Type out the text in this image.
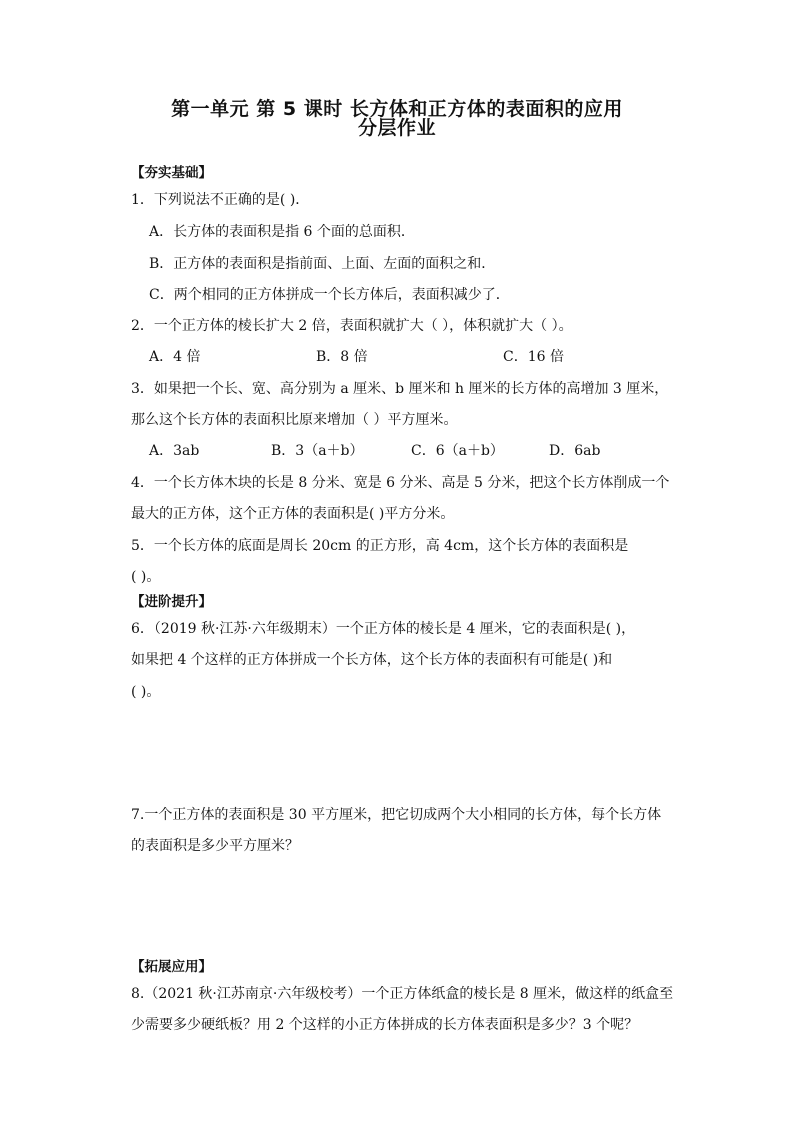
第一单元 第 5 课时 长方体和正方体的表面积的应用
分层作业
【夯实基础】
1．下列说法不正确的是( )．
A．长方体的表面积是指 6 个面的总面积．
B．正方体的表面积是指前面、上面、左面的面积之和．
C．两个相同的正方体拼成一个长方体后，表面积减少了．
2．一个正方体的棱长扩大 2 倍，表面积就扩大（ ），体积就扩大（ ）。
A．4 倍	B．8 倍	C．16 倍
3．如果把一个长、宽、高分别为 a 厘米、b 厘米和 h 厘米的长方体的高增加 3 厘米，
那么这个长方体的表面积比原来增加（ ）平方厘米。
A．3ab	B．3（a＋b）	C．6（a＋b）	D．6ab
4．一个长方体木块的长是 8 分米、宽是 6 分米、高是 5 分米，把这个长方体削成一个
最大的正方体，这个正方体的表面积是( )平方分米。
5．一个长方体的底面是周长 20cm 的正方形，高 4cm，这个长方体的表面积是
( )。
【进阶提升】
6．（2019 秋·江苏·六年级期末）一个正方体的棱长是 4 厘米，它的表面积是( )，
如果把 4 个这样的正方体拼成一个长方体，这个长方体的表面积有可能是( )和
( )。
7.一个正方体的表面积是 30 平方厘米，把它切成两个大小相同的长方体，每个长方体
的表面积是多少平方厘米？
【拓展应用】
8.（2021 秋·江苏南京·六年级校考）一个正方体纸盒的棱长是 8 厘米，做这样的纸盒至
少需要多少硬纸板？用 2 个这样的小正方体拼成的长方体表面积是多少？3 个呢？
